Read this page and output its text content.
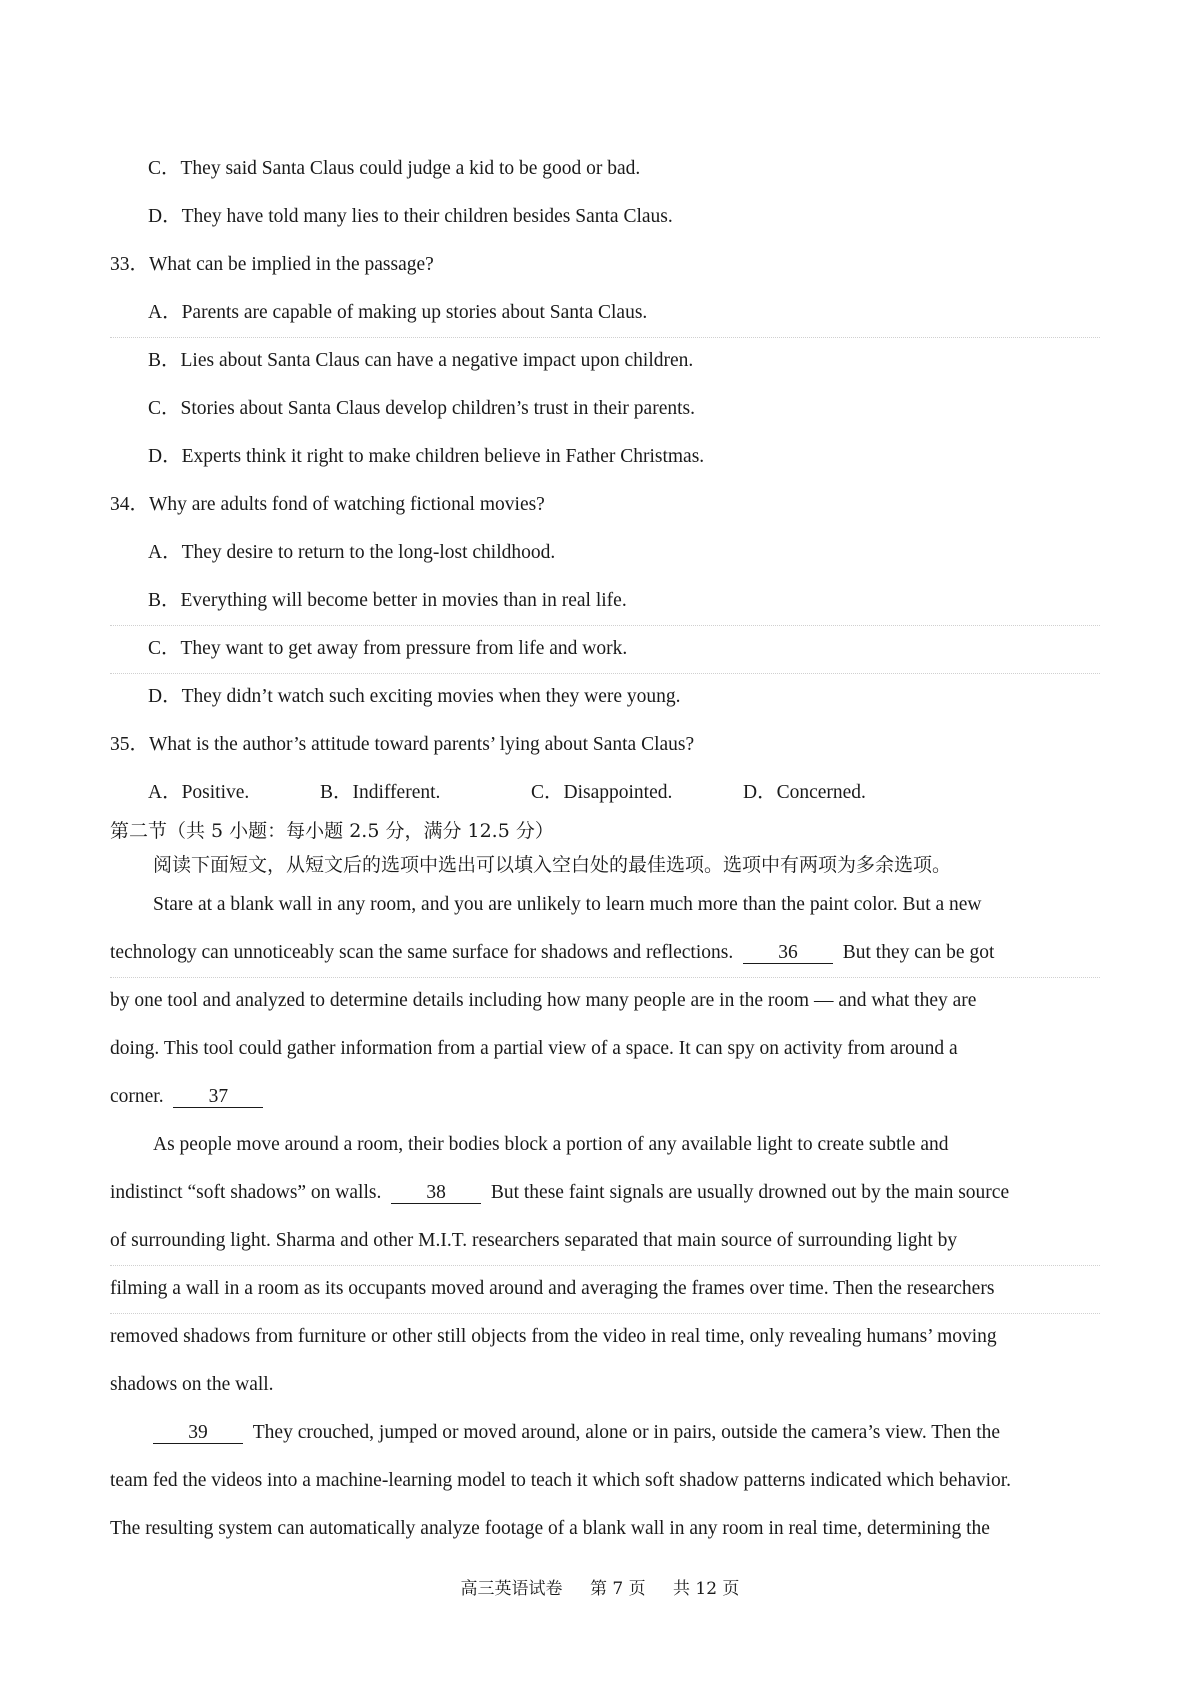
C．They said Santa Claus could judge a kid to be good or bad.
D．They have told many lies to their children besides Santa Claus.
33．What can be implied in the passage?
A．Parents are capable of making up stories about Santa Claus.
B．Lies about Santa Claus can have a negative impact upon children.
C．Stories about Santa Claus develop children’s trust in their parents.
D．Experts think it right to make children believe in Father Christmas.
34．Why are adults fond of watching fictional movies?
A．They desire to return to the long-lost childhood.
B．Everything will become better in movies than in real life.
C．They want to get away from pressure from life and work.
D．They didn’t watch such exciting movies when they were young.
35．What is the author’s attitude toward parents’ lying about Santa Claus?
A．Positive.	B．Indifferent.	C．Disappointed.	D．Concerned.
第二节（共 5 小题：每小题 2.5 分，满分 12.5 分）
阅读下面短文，从短文后的选项中选出可以填入空白处的最佳选项。选项中有两项为多余选项。
Stare at a blank wall in any room, and you are unlikely to learn much more than the paint color. But a new
technology can unnoticeably scan the same surface for shadows and reflections. 36 But they can be got
by one tool and analyzed to determine details including how many people are in the room — and what they are
doing. This tool could gather information from a partial view of a space. It can spy on activity from around a
corner. 37
As people move around a room, their bodies block a portion of any available light to create subtle and
indistinct “soft shadows” on walls. 38 But these faint signals are usually drowned out by the main source
of surrounding light. Sharma and other M.I.T. researchers separated that main source of surrounding light by
filming a wall in a room as its occupants moved around and averaging the frames over time. Then the researchers
removed shadows from furniture or other still objects from the video in real time, only revealing humans’ moving
shadows on the wall.
39 They crouched, jumped or moved around, alone or in pairs, outside the camera’s view. Then the
team fed the videos into a machine-learning model to teach it which soft shadow patterns indicated which behavior.
The resulting system can automatically analyze footage of a blank wall in any room in real time, determining the
高三英语试卷 第 7 页 共 12 页
